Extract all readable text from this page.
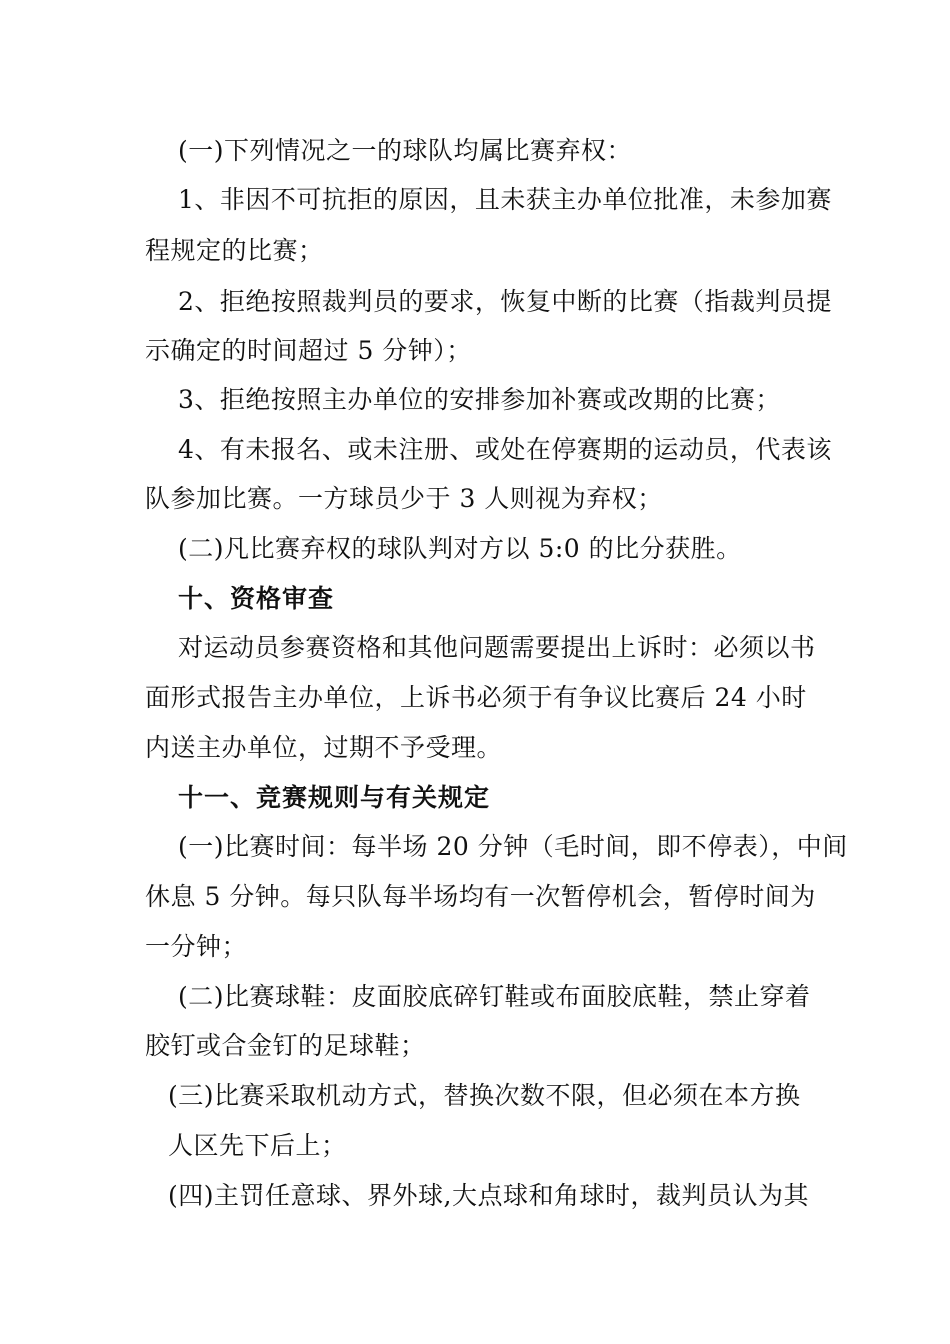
(一)下列情况之一的球队均属比赛弃权：
1、非因不可抗拒的原因，且未获主办单位批准，未参加赛
程规定的比赛；
2、拒绝按照裁判员的要求，恢复中断的比赛（指裁判员提
示确定的时间超过 5 分钟）；
3、拒绝按照主办单位的安排参加补赛或改期的比赛；
4、有未报名、或未注册、或处在停赛期的运动员，代表该
队参加比赛。一方球员少于 3 人则视为弃权；
(二)凡比赛弃权的球队判对方以 5:0 的比分获胜。
十、资格审查
对运动员参赛资格和其他问题需要提出上诉时：必须以书
面形式报告主办单位，上诉书必须于有争议比赛后 24 小时
内送主办单位，过期不予受理。
十一、竞赛规则与有关规定
(一)比赛时间：每半场 20 分钟（毛时间，即不停表），中间
休息 5 分钟。每只队每半场均有一次暂停机会，暂停时间为
一分钟；
(二)比赛球鞋：皮面胶底碎钉鞋或布面胶底鞋，禁止穿着
胶钉或合金钉的足球鞋；
(三)比赛采取机动方式，替换次数不限，但必须在本方换
人区先下后上；
(四)主罚任意球、界外球,大点球和角球时，裁判员认为其
